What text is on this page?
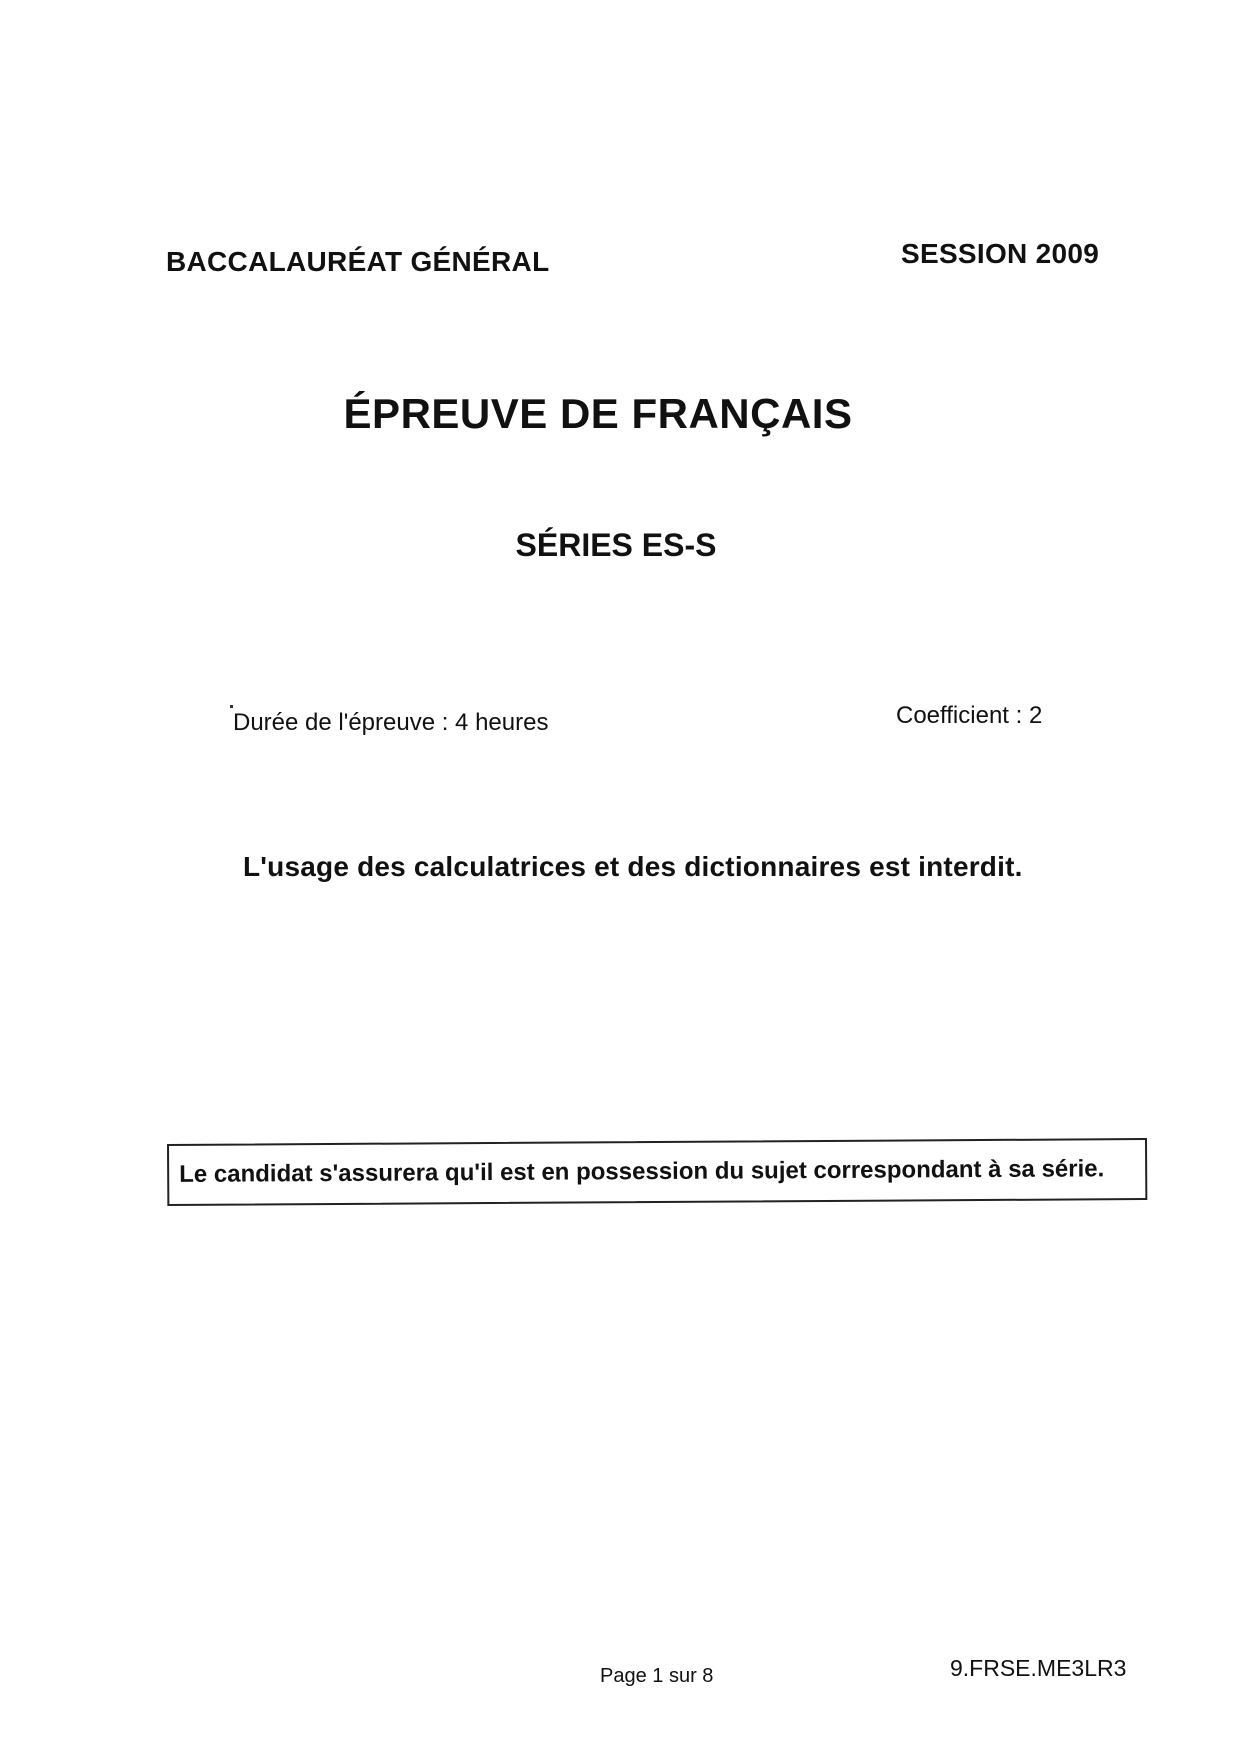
BACCALAURÉAT GÉNÉRAL	SESSION 2009
ÉPREUVE DE FRANÇAIS
SÉRIES ES-S
Durée de l'épreuve : 4 heures	Coefficient : 2
L'usage des calculatrices et des dictionnaires est interdit.
Le candidat s'assurera qu'il est en possession du sujet correspondant à sa série.
Page 1 sur 8	9.FRSE.ME3LR3
